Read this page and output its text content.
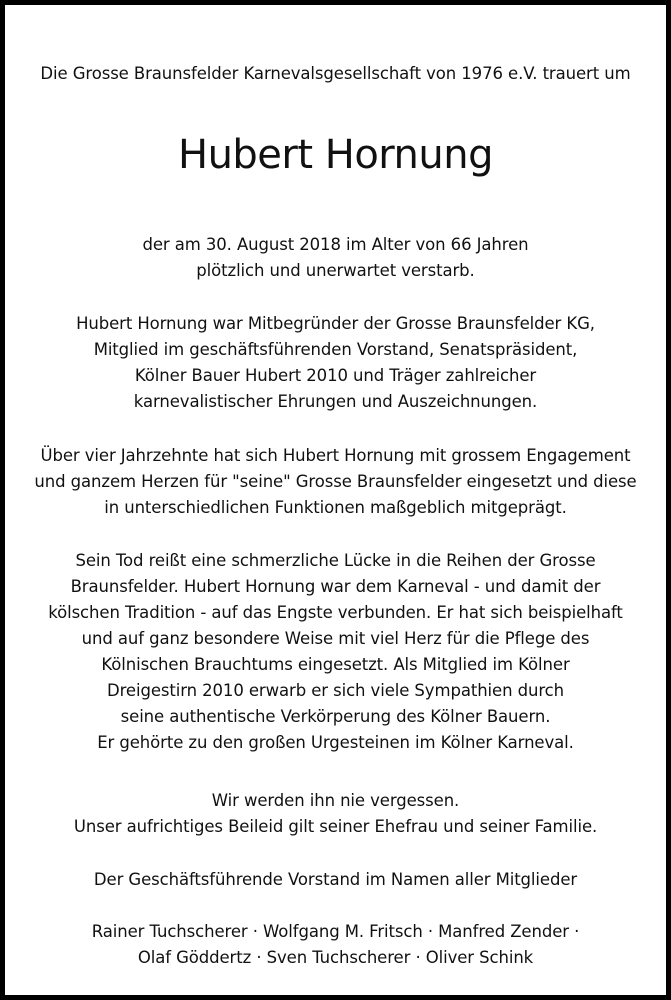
Die Grosse Braunsfelder Karnevalsgesellschaft von 1976 e.V. trauert um

Hubert Hornung

der am 30. August 2018 im Alter von 66 Jahren

plötzlich und unerwartet verstarb.

Hubert Hornung war Mitbegründer der Grosse Braunsfelder KG,

Mitglied im geschäftsführenden Vorstand, Senatspräsident,

Kölner Bauer Hubert 2010 und Träger zahlreicher

karnevalistischer Ehrungen und Auszeichnungen.

Über vier Jahrzehnte hat sich Hubert Hornung mit grossem Engagement

und ganzem Herzen für "seine" Grosse Braunsfelder eingesetzt und diese

in unterschiedlichen Funktionen maßgeblich mitgeprägt.

Sein Tod reißt eine schmerzliche Lücke in die Reihen der Grosse

Braunsfelder. Hubert Hornung war dem Karneval - und damit der

kölschen Tradition - auf das Engste verbunden. Er hat sich beispielhaft

und auf ganz besondere Weise mit viel Herz für die Pflege des

Kölnischen Brauchtums eingesetzt. Als Mitglied im Kölner

Dreigestirn 2010 erwarb er sich viele Sympathien durch

seine authentische Verkörperung des Kölner Bauern.

Er gehörte zu den großen Urgesteinen im Kölner Karneval.

Wir werden ihn nie vergessen.

Unser aufrichtiges Beileid gilt seiner Ehefrau und seiner Familie.

Der Geschäftsführende Vorstand im Namen aller Mitglieder

Rainer Tuchscherer · Wolfgang M. Fritsch · Manfred Zender ·

Olaf Göddertz · Sven Tuchscherer · Oliver Schink
